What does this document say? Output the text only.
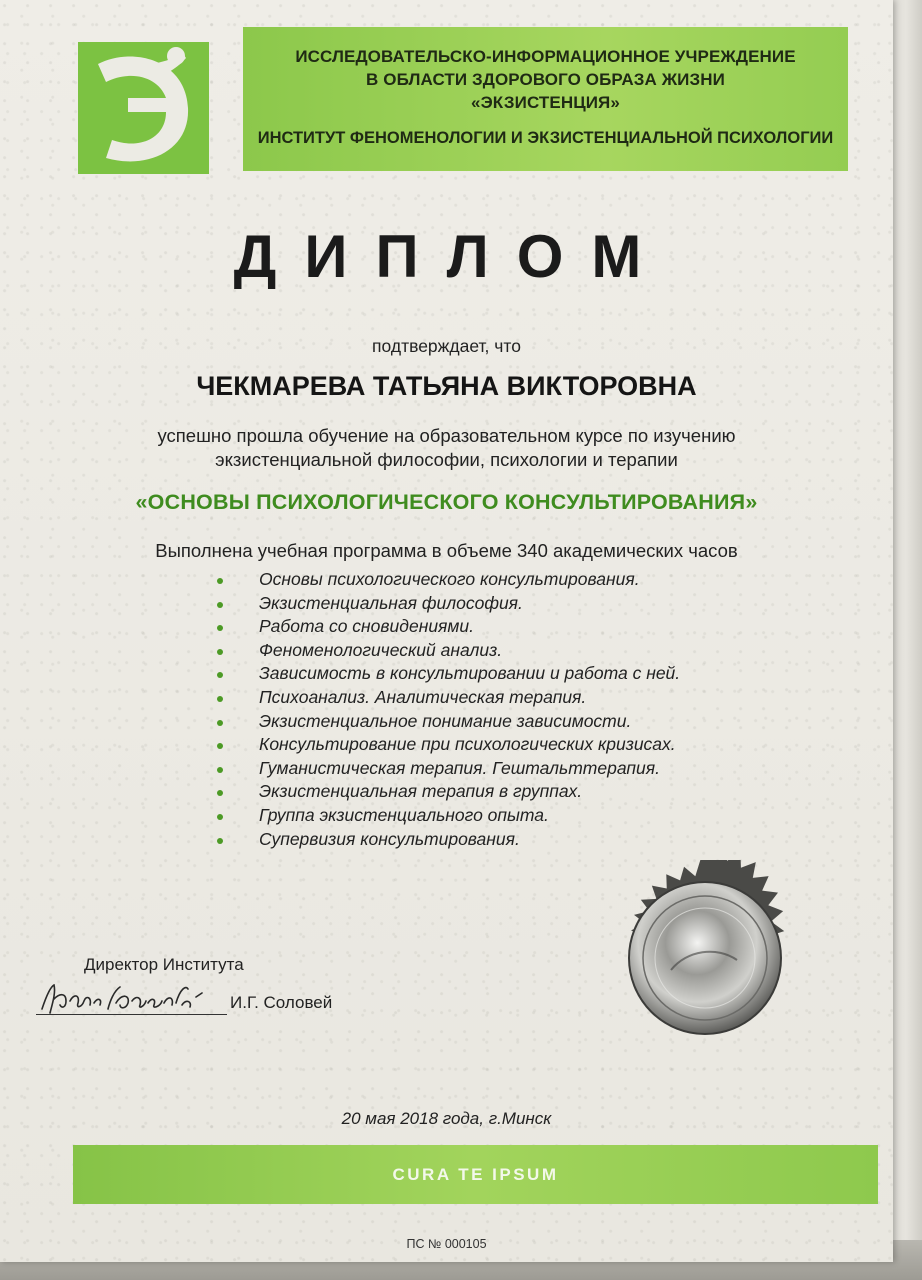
ИССЛЕДОВАТЕЛЬСКО-ИНФОРМАЦИОННОЕ УЧРЕЖДЕНИЕ
В ОБЛАСТИ ЗДОРОВОГО ОБРАЗА ЖИЗНИ
«ЭКЗИСТЕНЦИЯ»
ИНСТИТУТ ФЕНОМЕНОЛОГИИ И ЭКЗИСТЕНЦИАЛЬНОЙ ПСИХОЛОГИИ
ДИПЛОМ
подтверждает, что
ЧЕКМАРЕВА ТАТЬЯНА ВИКТОРОВНА
успешно прошла обучение на образовательном курсе по изучению
экзистенциальной философии, психологии и терапии
«ОСНОВЫ ПСИХОЛОГИЧЕСКОГО КОНСУЛЬТИРОВАНИЯ»
Выполнена учебная программа в объеме 340 академических часов
Основы психологического консультирования.
Экзистенциальная философия.
Работа со сновидениями.
Феноменологический анализ.
Зависимость в консультировании и работа с ней.
Психоанализ. Аналитическая терапия.
Экзистенциальное понимание зависимости.
Консультирование при психологических кризисах.
Гуманистическая терапия. Гештальттерапия.
Экзистенциальная терапия в группах.
Группа экзистенциального опыта.
Супервизия консультирования.
Директор Института
И.Г. Соловей
20 мая 2018 года, г.Минск
CURA TE IPSUM
ПС № 000105
